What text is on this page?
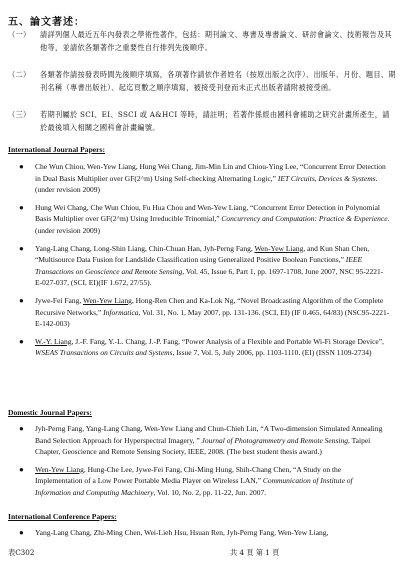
五、論文著述：
（一）	請詳列個人最近五年內發表之學術性著作，包括：期刊論文、專書及專書論文、研討會論文、技術報告及其他等，並請依各類著作之重要性自行排列先後順序。
（二）	各類著作請按發表時間先後順序填寫，各項著作請依作者姓名（按原出版之次序）、出版年、月份、題目、期刊名稱（專書出版社）、起迄頁數之順序填寫，被接受刊登而未正式出版者請附被接受函。
（三）	若期刊屬於 SCI、EI、SSCI 或 A&HCI 等時，請註明；若著作係經由國科會補助之研究計畫所產生，請於最後填入相關之國科會計畫編號。
International Journal Papers:
● Che Wun Chiou, Wen-Yew Liang, Hung Wei Chang, Jim-Min Lin and Chiou-Ying Lee, “Concurrent Error Detection in Dual Basis Multiplier over GF(2^m) Using Self-checking Alternating Logic,” IET Circuits, Devices & Systems. (under revision 2009)
● Hung Wei Chang, Che Wun Chiou, Fu Hua Chou and Wen-Yew Liang, “Concurrent Error Detection in Polynomial Basis Multiplier over GF(2^m) Using Irreducible Trinomial,” Concurrency and Computation: Practice & Experience. (under revision 2009)
● Yang-Lang Chang, Long-Shin Liang, Chin-Chuan Han, Jyh-Perng Fang, Wen-Yew Liang, and Kun Shan Chen, “Multisource Data Fusion for Landslide Classification using Generalized Positive Boolean Functions,” IEEE Transactions on Geoscience and Remote Sensing, Vol. 45, Issue 6, Part 1, pp. 1697-1708, June 2007, NSC 95-2221-E-027-037, (SCI, EI)(IF 1.672, 27/55).
● Jywe-Fei Fang, Wen-Yew Liang, Hong-Ren Chen and Ka-Lok Ng, “Novel Broadcasting Algorithm of the Complete Recursive Networks,” Informatica, Vol. 31, No. 1, May 2007, pp. 131-136. (SCI, EI) (IF 0.465, 64/83) (NSC95-2221-E-142-003)
● W.-Y. Liang, J.-F. Fang, Y.-L. Chang, J.-P. Fang, “Power Analysis of a Flexible and Portable Wi-Fi Storage Device”, WSEAS Transactions on Circuits and Systems, Issue 7, Vol. 5, July 2006, pp. 1103-1110. (EI) (ISSN 1109-2734)
Domestic Journal Papers:
● Jyh-Perng Fang, Yang-Lang Chang, Wen-Yew Liang and Chun-Chieh Lin, “A Two-dimension Simulated Annealing Band Selection Approach for Hyperspectral Imagery, ” Journal of Photogrammetry and Remote Sensing, Taipei Chapter, Geoscience and Remote Sensing Society, IEEE, 2008. (The best student thesis award.)
● Wen-Yew Liang, Hung-Che Lee, Jywe-Fei Fang, Chi-Ming Hung, Shih-Chang Chen, “A Study on the Implementation of a Low Power Portable Media Player on Wireless LAN,” Communication of Institute of Information and Computing Machinery, Vol. 10, No. 2, pp. 11-22, Jun. 2007.
International Conference Papers:
● Yang-Lang Chang, Zhi-Ming Chen, Wei-Lieh Hsu, Hsuan Ren, Jyh-Perng Fang, Wen-Yew Liang,
表C302	共 4 頁 第 1 頁
